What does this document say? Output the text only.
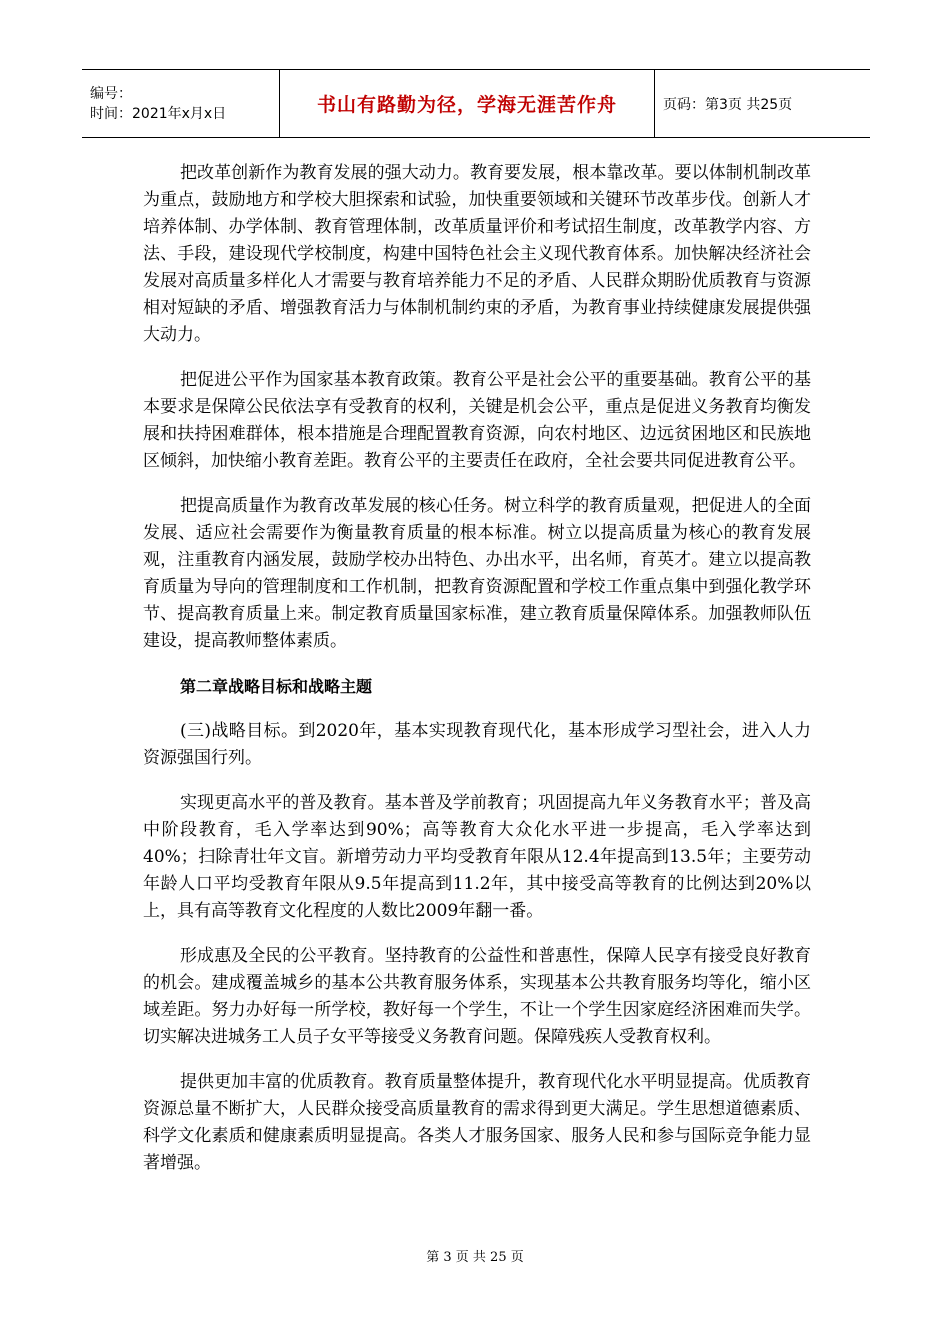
编号：
时间：2021年x月x日	书山有路勤为径，学海无涯苦作舟	页码：第3页 共25页

把改革创新作为教育发展的强大动力。教育要发展，根本靠改革。要以体制机制改革为重点，鼓励地方和学校大胆探索和试验，加快重要领域和关键环节改革步伐。创新人才培养体制、办学体制、教育管理体制，改革质量评价和考试招生制度，改革教学内容、方法、手段，建设现代学校制度，构建中国特色社会主义现代教育体系。加快解决经济社会发展对高质量多样化人才需要与教育培养能力不足的矛盾、人民群众期盼优质教育与资源相对短缺的矛盾、增强教育活力与体制机制约束的矛盾，为教育事业持续健康发展提供强大动力。

把促进公平作为国家基本教育政策。教育公平是社会公平的重要基础。教育公平的基本要求是保障公民依法享有受教育的权利，关键是机会公平，重点是促进义务教育均衡发展和扶持困难群体，根本措施是合理配置教育资源，向农村地区、边远贫困地区和民族地区倾斜，加快缩小教育差距。教育公平的主要责任在政府，全社会要共同促进教育公平。

把提高质量作为教育改革发展的核心任务。树立科学的教育质量观，把促进人的全面发展、适应社会需要作为衡量教育质量的根本标准。树立以提高质量为核心的教育发展观，注重教育内涵发展，鼓励学校办出特色、办出水平，出名师，育英才。建立以提高教育质量为导向的管理制度和工作机制，把教育资源配置和学校工作重点集中到强化教学环节、提高教育质量上来。制定教育质量国家标准，建立教育质量保障体系。加强教师队伍建设，提高教师整体素质。

第二章战略目标和战略主题

(三)战略目标。到2020年，基本实现教育现代化，基本形成学习型社会，进入人力资源强国行列。

实现更高水平的普及教育。基本普及学前教育；巩固提高九年义务教育水平；普及高中阶段教育，毛入学率达到90%；高等教育大众化水平进一步提高，毛入学率达到40%；扫除青壮年文盲。新增劳动力平均受教育年限从12.4年提高到13.5年；主要劳动年龄人口平均受教育年限从9.5年提高到11.2年，其中接受高等教育的比例达到20%以上，具有高等教育文化程度的人数比2009年翻一番。

形成惠及全民的公平教育。坚持教育的公益性和普惠性，保障人民享有接受良好教育的机会。建成覆盖城乡的基本公共教育服务体系，实现基本公共教育服务均等化，缩小区域差距。努力办好每一所学校，教好每一个学生，不让一个学生因家庭经济困难而失学。切实解决进城务工人员子女平等接受义务教育问题。保障残疾人受教育权利。

提供更加丰富的优质教育。教育质量整体提升，教育现代化水平明显提高。优质教育资源总量不断扩大，人民群众接受高质量教育的需求得到更大满足。学生思想道德素质、科学文化素质和健康素质明显提高。各类人才服务国家、服务人民和参与国际竞争能力显著增强。

第 3 页 共 25 页
